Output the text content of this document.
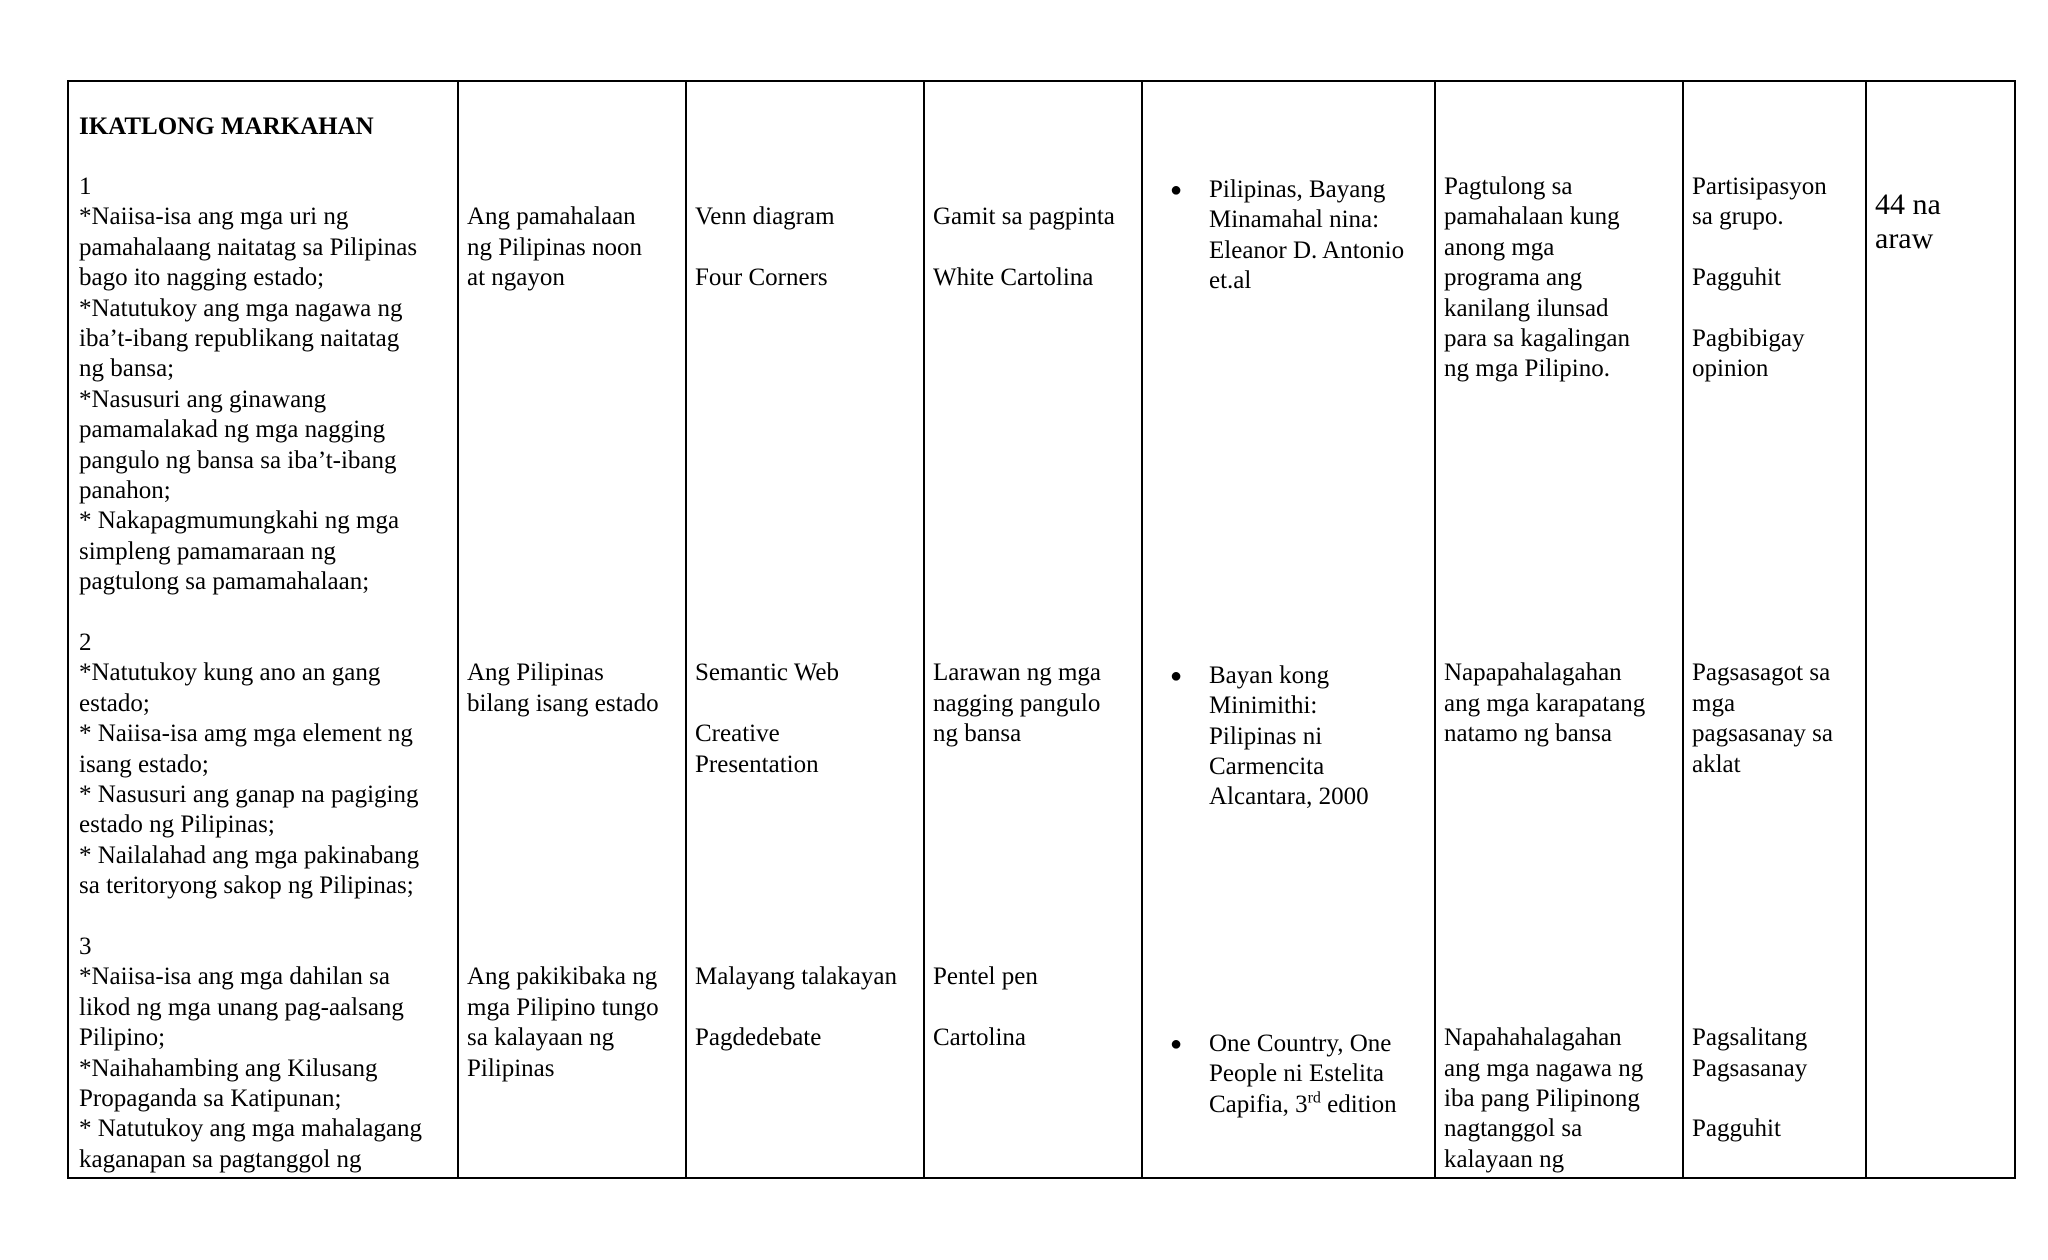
IKATLONG MARKAHAN
1
*Naiisa-isa ang mga uri ng
pamahalaang naitatag sa Pilipinas
bago ito nagging estado;
*Natutukoy ang mga nagawa ng
iba’t-ibang republikang naitatag
ng bansa;
*Nasusuri ang ginawang
pamamalakad ng mga nagging
pangulo ng bansa sa iba’t-ibang
panahon;
* Nakapagmumungkahi ng mga
simpleng pamamaraan ng
pagtulong sa pamamahalaan;
Ang pamahalaan
ng Pilipinas noon
at ngayon
Venn diagram
Four Corners
Gamit sa pagpinta
White Cartolina
● Pilipinas, Bayang
Minamahal nina:
Eleanor D. Antonio
et.al
Pagtulong sa
pamahalaan kung
anong mga
programa ang
kanilang ilunsad
para sa kagalingan
ng mga Pilipino.
Partisipasyon
sa grupo.
Pagguhit
Pagbibigay
opinion
44 na
araw
2
*Natutukoy kung ano an gang
estado;
* Naiisa-isa amg mga element ng
isang estado;
* Nasusuri ang ganap na pagiging
estado ng Pilipinas;
* Nailalahad ang mga pakinabang
sa teritoryong sakop ng Pilipinas;
Ang Pilipinas
bilang isang estado
Semantic Web
Creative
Presentation
Larawan ng mga
nagging pangulo
ng bansa
● Bayan kong
Minimithi:
Pilipinas ni
Carmencita
Alcantara, 2000
Napapahalagahan
ang mga karapatang
natamo ng bansa
Pagsasagot sa
mga
pagsasanay sa
aklat
3
*Naiisa-isa ang mga dahilan sa
likod ng mga unang pag-aalsang
Pilipino;
*Naihahambing ang Kilusang
Propaganda sa Katipunan;
* Natutukoy ang mga mahalagang
kaganapan sa pagtanggol ng
Ang pakikibaka ng
mga Pilipino tungo
sa kalayaan ng
Pilipinas
Malayang talakayan
Pagdedebate
Pentel pen
Cartolina	● One Country, One
People ni Estelita
Capifia, 3rd edition
Napahahalagahan
ang mga nagawa ng
iba pang Pilipinong
nagtanggol sa
kalayaan ng
Pagsalitang
Pagsasanay
Pagguhit
